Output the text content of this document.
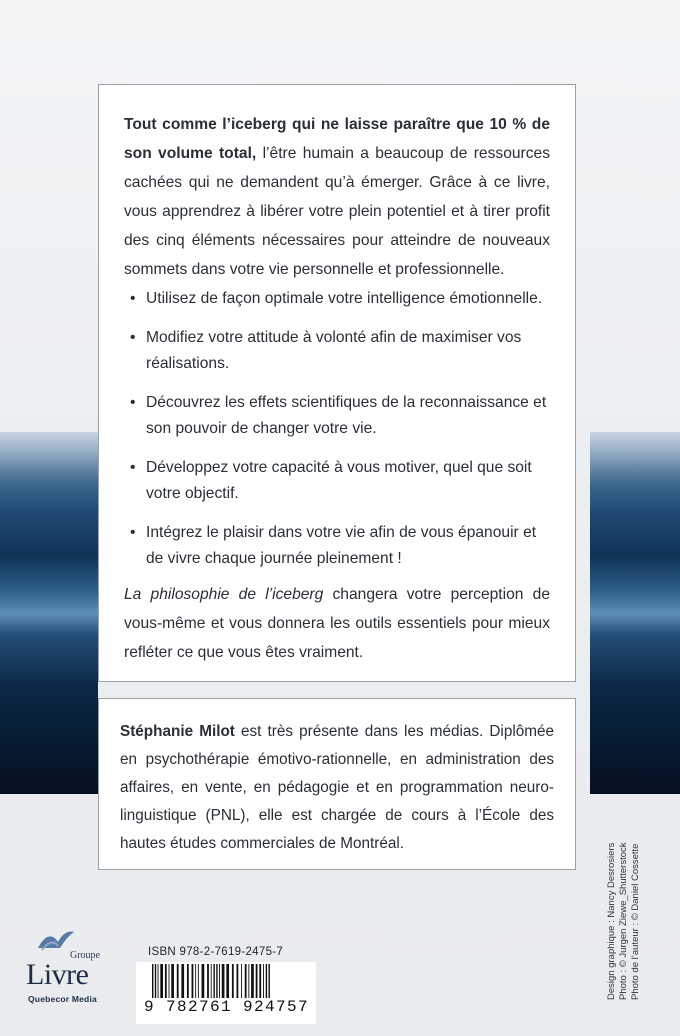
Tout comme l’iceberg qui ne laisse paraître que 10 % de son volume total, l’être humain a beaucoup de ressources cachées qui ne demandent qu’à émerger. Grâce à ce livre, vous apprendrez à libérer votre plein potentiel et à tirer profit des cinq éléments nécessaires pour atteindre de nouveaux sommets dans votre vie personnelle et professionnelle.
• Utilisez de façon optimale votre intelligence émotionnelle.
• Modifiez votre attitude à volonté afin de maximiser vos réalisations.
• Découvrez les effets scientifiques de la reconnaissance et son pouvoir de changer votre vie.
• Développez votre capacité à vous motiver, quel que soit votre objectif.
• Intégrez le plaisir dans votre vie afin de vous épanouir et de vivre chaque journée pleinement !
La philosophie de l’iceberg changera votre perception de vous-même et vous donnera les outils essentiels pour mieux refléter ce que vous êtes vraiment.
Stéphanie Milot est très présente dans les médias. Diplômée en psychothérapie émotivo-rationnelle, en administration des affaires, en vente, en pédagogie et en programmation neuro-linguistique (PNL), elle est chargée de cours à l’École des hautes études commerciales de Montréal.	Design graphique : Nancy Desrosiers Photo : © Jurgen Ziewe_Shutterstock Photo de l’auteur : © Daniel Cossette
Groupe
Livre
Quebecor Media
ISBN 978-2-7619-2475-7
9 782761 924757
